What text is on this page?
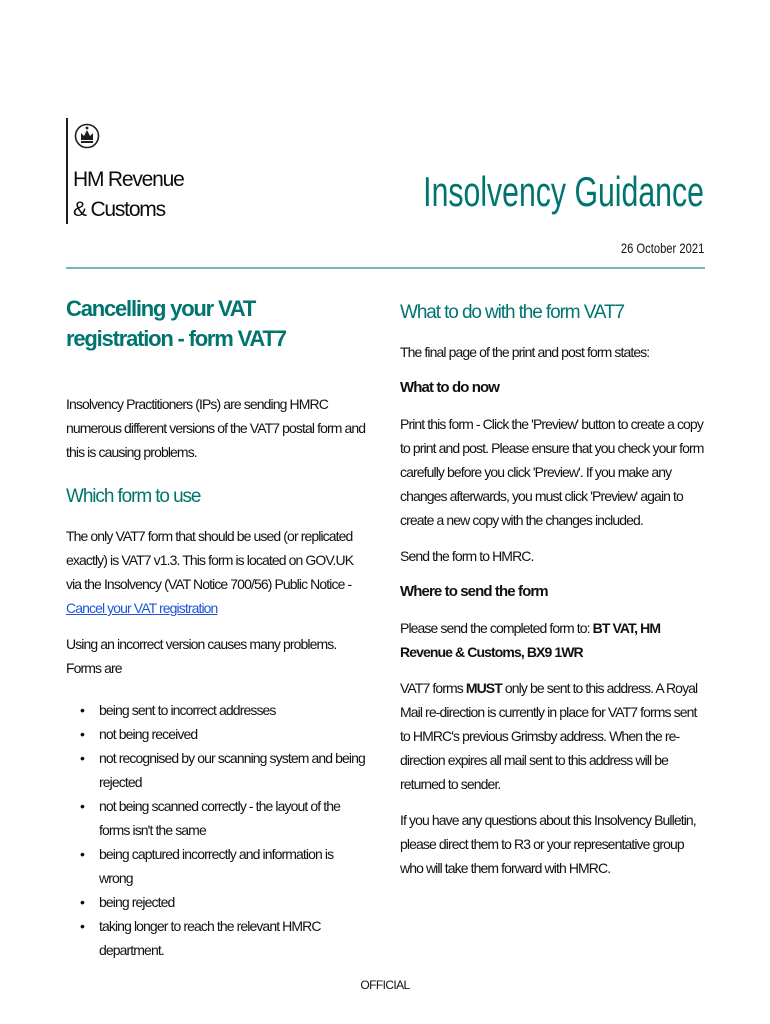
HM Revenue
& Customs	Insolvency Guidance
26 October 2021
Cancelling your VAT registration - form VAT7

Insolvency Practitioners (IPs) are sending HMRC numerous different versions of the VAT7 postal form and this is causing problems.

Which form to use

The only VAT7 form that should be used (or replicated exactly) is VAT7 v1.3. This form is located on GOV.UK via the Insolvency (VAT Notice 700/56) Public Notice - Cancel your VAT registration

Using an incorrect version causes many problems. Forms are

• being sent to incorrect addresses
• not being received
• not recognised by our scanning system and being rejected
• not being scanned correctly - the layout of the forms isn't the same
• being captured incorrectly and information is wrong
• being rejected
• taking longer to reach the relevant HMRC department.
What to do with the form VAT7

The final page of the print and post form states:

What to do now

Print this form - Click the 'Preview' button to create a copy to print and post. Please ensure that you check your form carefully before you click 'Preview'. If you make any changes afterwards, you must click 'Preview' again to create a new copy with the changes included.

Send the form to HMRC.

Where to send the form

Please send the completed form to: BT VAT, HM Revenue & Customs, BX9 1WR

VAT7 forms MUST only be sent to this address. A Royal Mail re-direction is currently in place for VAT7 forms sent to HMRC's previous Grimsby address. When the re-direction expires all mail sent to this address will be returned to sender.

If you have any questions about this Insolvency Bulletin, please direct them to R3 or your representative group who will take them forward with HMRC.

OFFICIAL
